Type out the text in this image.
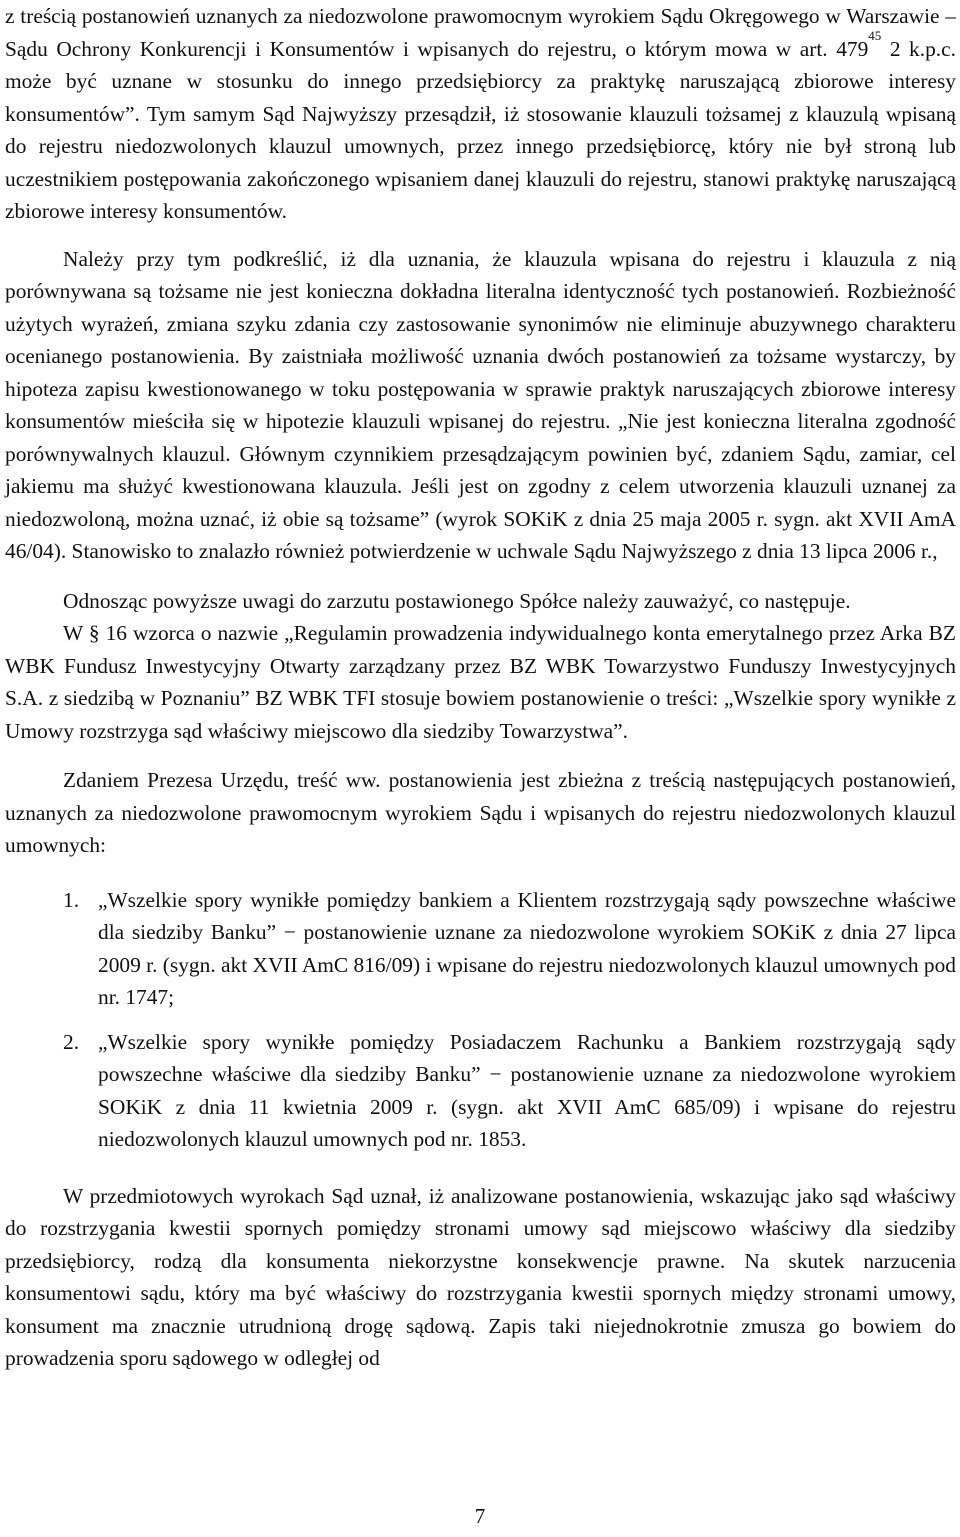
z treścią postanowień uznanych za niedozwolone prawomocnym wyrokiem Sądu Okręgowego w Warszawie – Sądu Ochrony Konkurencji i Konsumentów i wpisanych do rejestru, o którym mowa w art. $479^{45}$ 2 k.p.c. może być uznane w stosunku do innego przedsiębiorcy za praktykę naruszającą zbiorowe interesy konsumentów”. Tym samym Sąd Najwyższy przesądził, iż stosowanie klauzuli tożsamej z klauzulą wpisaną do rejestru niedozwolonych klauzul umownych, przez innego przedsiębiorcę, który nie był stroną lub uczestnikiem postępowania zakończonego wpisaniem danej klauzuli do rejestru, stanowi praktykę naruszającą zbiorowe interesy konsumentów.

Należy przy tym podkreślić, iż dla uznania, że klauzula wpisana do rejestru i klauzula z nią porównywana są tożsame nie jest konieczna dokładna literalna identyczność tych postanowień. Rozbieżność użytych wyrażeń, zmiana szyku zdania czy zastosowanie synonimów nie eliminuje abuzywnego charakteru ocenianego postanowienia. By zaistniała możliwość uznania dwóch postanowień za tożsame wystarczy, by hipoteza zapisu kwestionowanego w toku postępowania w sprawie praktyk naruszających zbiorowe interesy konsumentów mieściła się w hipotezie klauzuli wpisanej do rejestru. „Nie jest konieczna literalna zgodność porównywalnych klauzul. Głównym czynnikiem przesądzającym powinien być, zdaniem Sądu, zamiar, cel jakiemu ma służyć kwestionowana klauzula. Jeśli jest on zgodny z celem utworzenia klauzuli uznanej za niedozwoloną, można uznać, iż obie są tożsame” (wyrok SOKiK z dnia 25 maja 2005 r. sygn. akt XVII AmA 46/04). Stanowisko to znalazło również potwierdzenie w uchwale Sądu Najwyższego z dnia 13 lipca 2006 r.,

Odnosząc powyższe uwagi do zarzutu postawionego Spółce należy zauważyć, co następuje.

W § 16 wzorca o nazwie „Regulamin prowadzenia indywidualnego konta emerytalnego przez Arka BZ WBK Fundusz Inwestycyjny Otwarty zarządzany przez BZ WBK Towarzystwo Funduszy Inwestycyjnych S.A. z siedzibą w Poznaniu” BZ WBK TFI stosuje bowiem postanowienie o treści: „Wszelkie spory wynikłe z Umowy rozstrzyga sąd właściwy miejscowo dla siedziby Towarzystwa”.

Zdaniem Prezesa Urzędu, treść ww. postanowienia jest zbieżna z treścią następujących postanowień, uznanych za niedozwolone prawomocnym wyrokiem Sądu i wpisanych do rejestru niedozwolonych klauzul umownych:

1. „Wszelkie spory wynikłe pomiędzy bankiem a Klientem rozstrzygają sądy powszechne właściwe dla siedziby Banku” − postanowienie uznane za niedozwolone wyrokiem SOKiK z dnia 27 lipca 2009 r. (sygn. akt XVII AmC 816/09) i wpisane do rejestru niedozwolonych klauzul umownych pod nr. 1747;
2. „Wszelkie spory wynikłe pomiędzy Posiadaczem Rachunku a Bankiem rozstrzygają sądy powszechne właściwe dla siedziby Banku” − postanowienie uznane za niedozwolone wyrokiem SOKiK z dnia 11 kwietnia 2009 r. (sygn. akt XVII AmC 685/09) i wpisane do rejestru niedozwolonych klauzul umownych pod nr. 1853.

W przedmiotowych wyrokach Sąd uznał, iż analizowane postanowienia, wskazując jako sąd właściwy do rozstrzygania kwestii spornych pomiędzy stronami umowy sąd miejscowo właściwy dla siedziby przedsiębiorcy, rodzą dla konsumenta niekorzystne konsekwencje prawne. Na skutek narzucenia konsumentowi sądu, który ma być właściwy do rozstrzygania kwestii spornych między stronami umowy, konsument ma znacznie utrudnioną drogę sądową. Zapis taki niejednokrotnie zmusza go bowiem do prowadzenia sporu sądowego w odległej od

7
